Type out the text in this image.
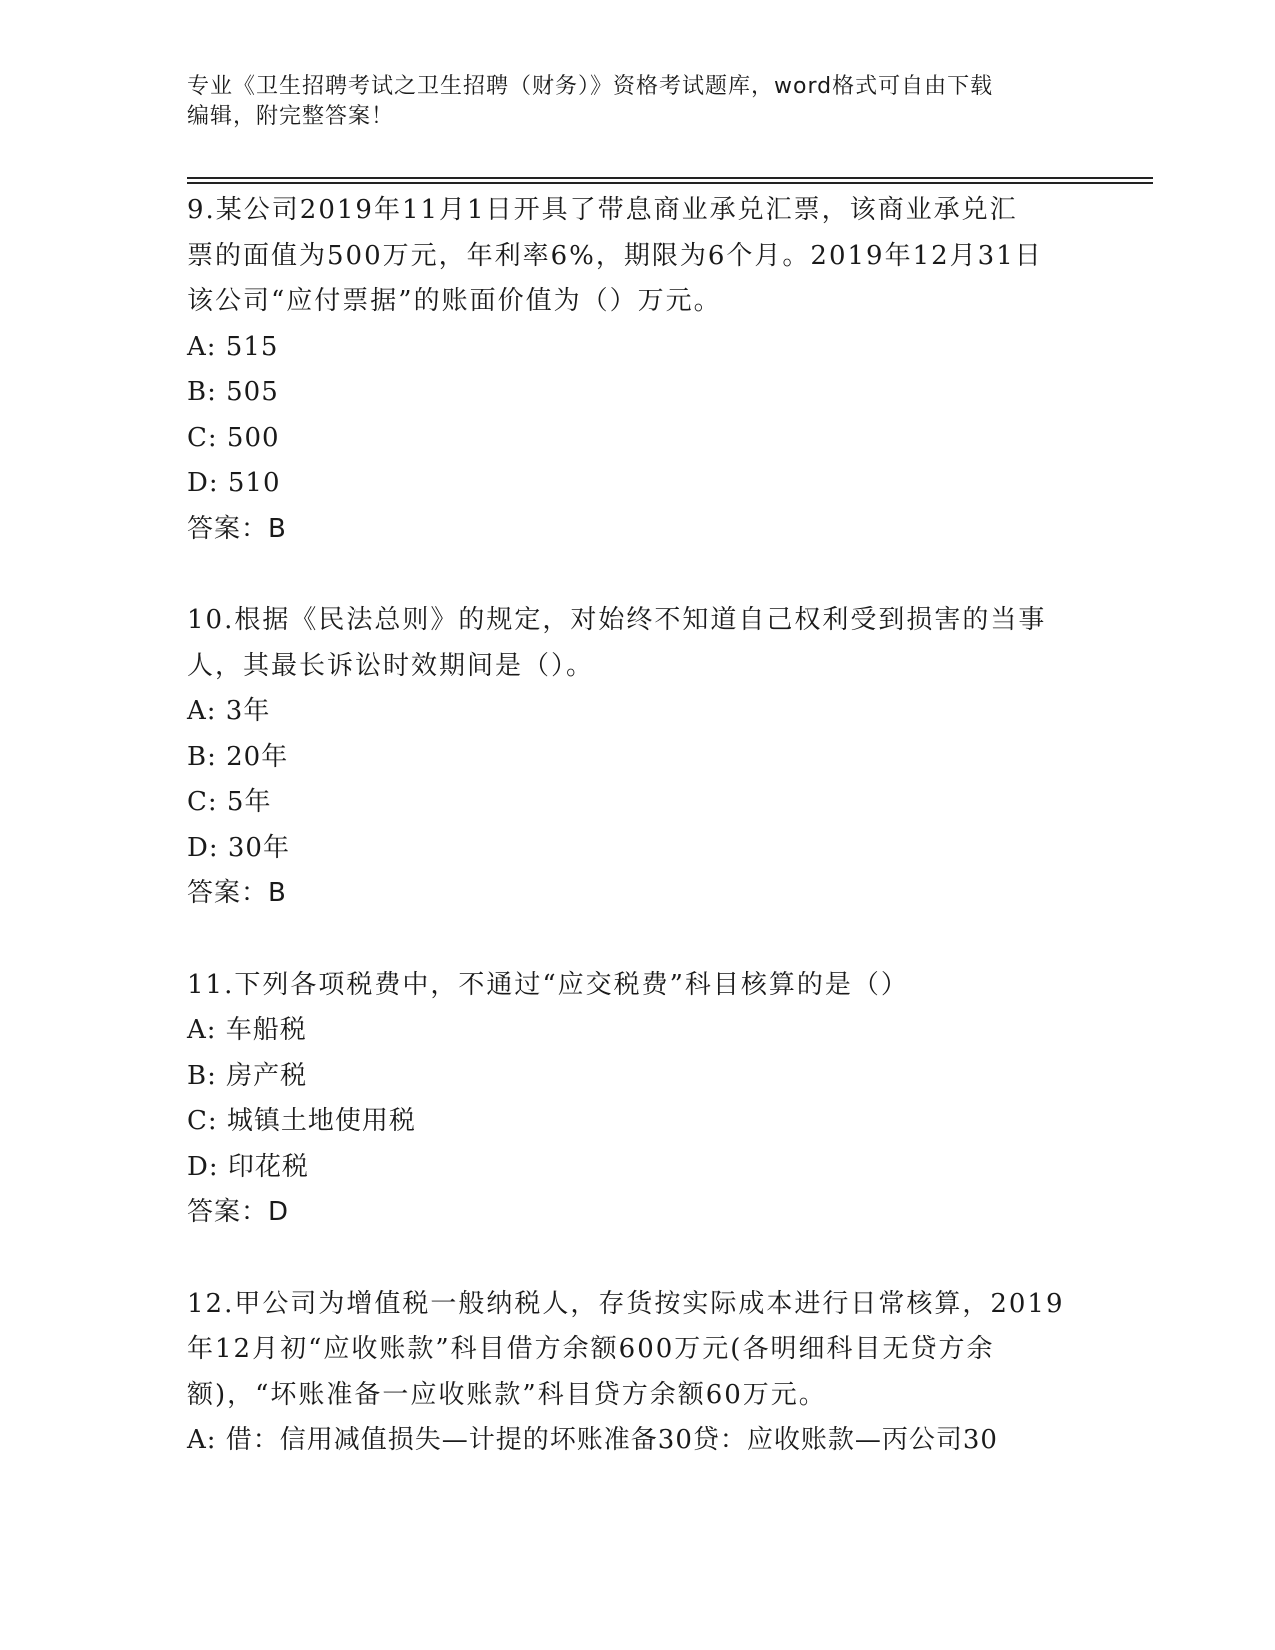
专业《卫生招聘考试之卫生招聘（财务）》资格考试题库，word格式可自由下载
编辑，附完整答案！
9.某公司2019年11月1日开具了带息商业承兑汇票，该商业承兑汇
票的面值为500万元，年利率6%，期限为6个月。2019年12月31日
该公司“应付票据”的账面价值为（）万元。
A: 515
B: 505
C: 500
D: 510
答案：B
10.根据《民法总则》的规定，对始终不知道自己权利受到损害的当事
人，其最长诉讼时效期间是（）。
A: 3年
B: 20年
C: 5年
D: 30年
答案：B
11.下列各项税费中，不通过“应交税费”科目核算的是（）
A: 车船税
B: 房产税
C: 城镇土地使用税
D: 印花税
答案：D
12.甲公司为增值税一般纳税人，存货按实际成本进行日常核算，2019
年12月初“应收账款”科目借方余额600万元(各明细科目无贷方余
额)，“坏账准备一应收账款”科目贷方余额60万元。
A: 借：信用减值损失—计提的坏账准备30贷：应收账款—丙公司30
